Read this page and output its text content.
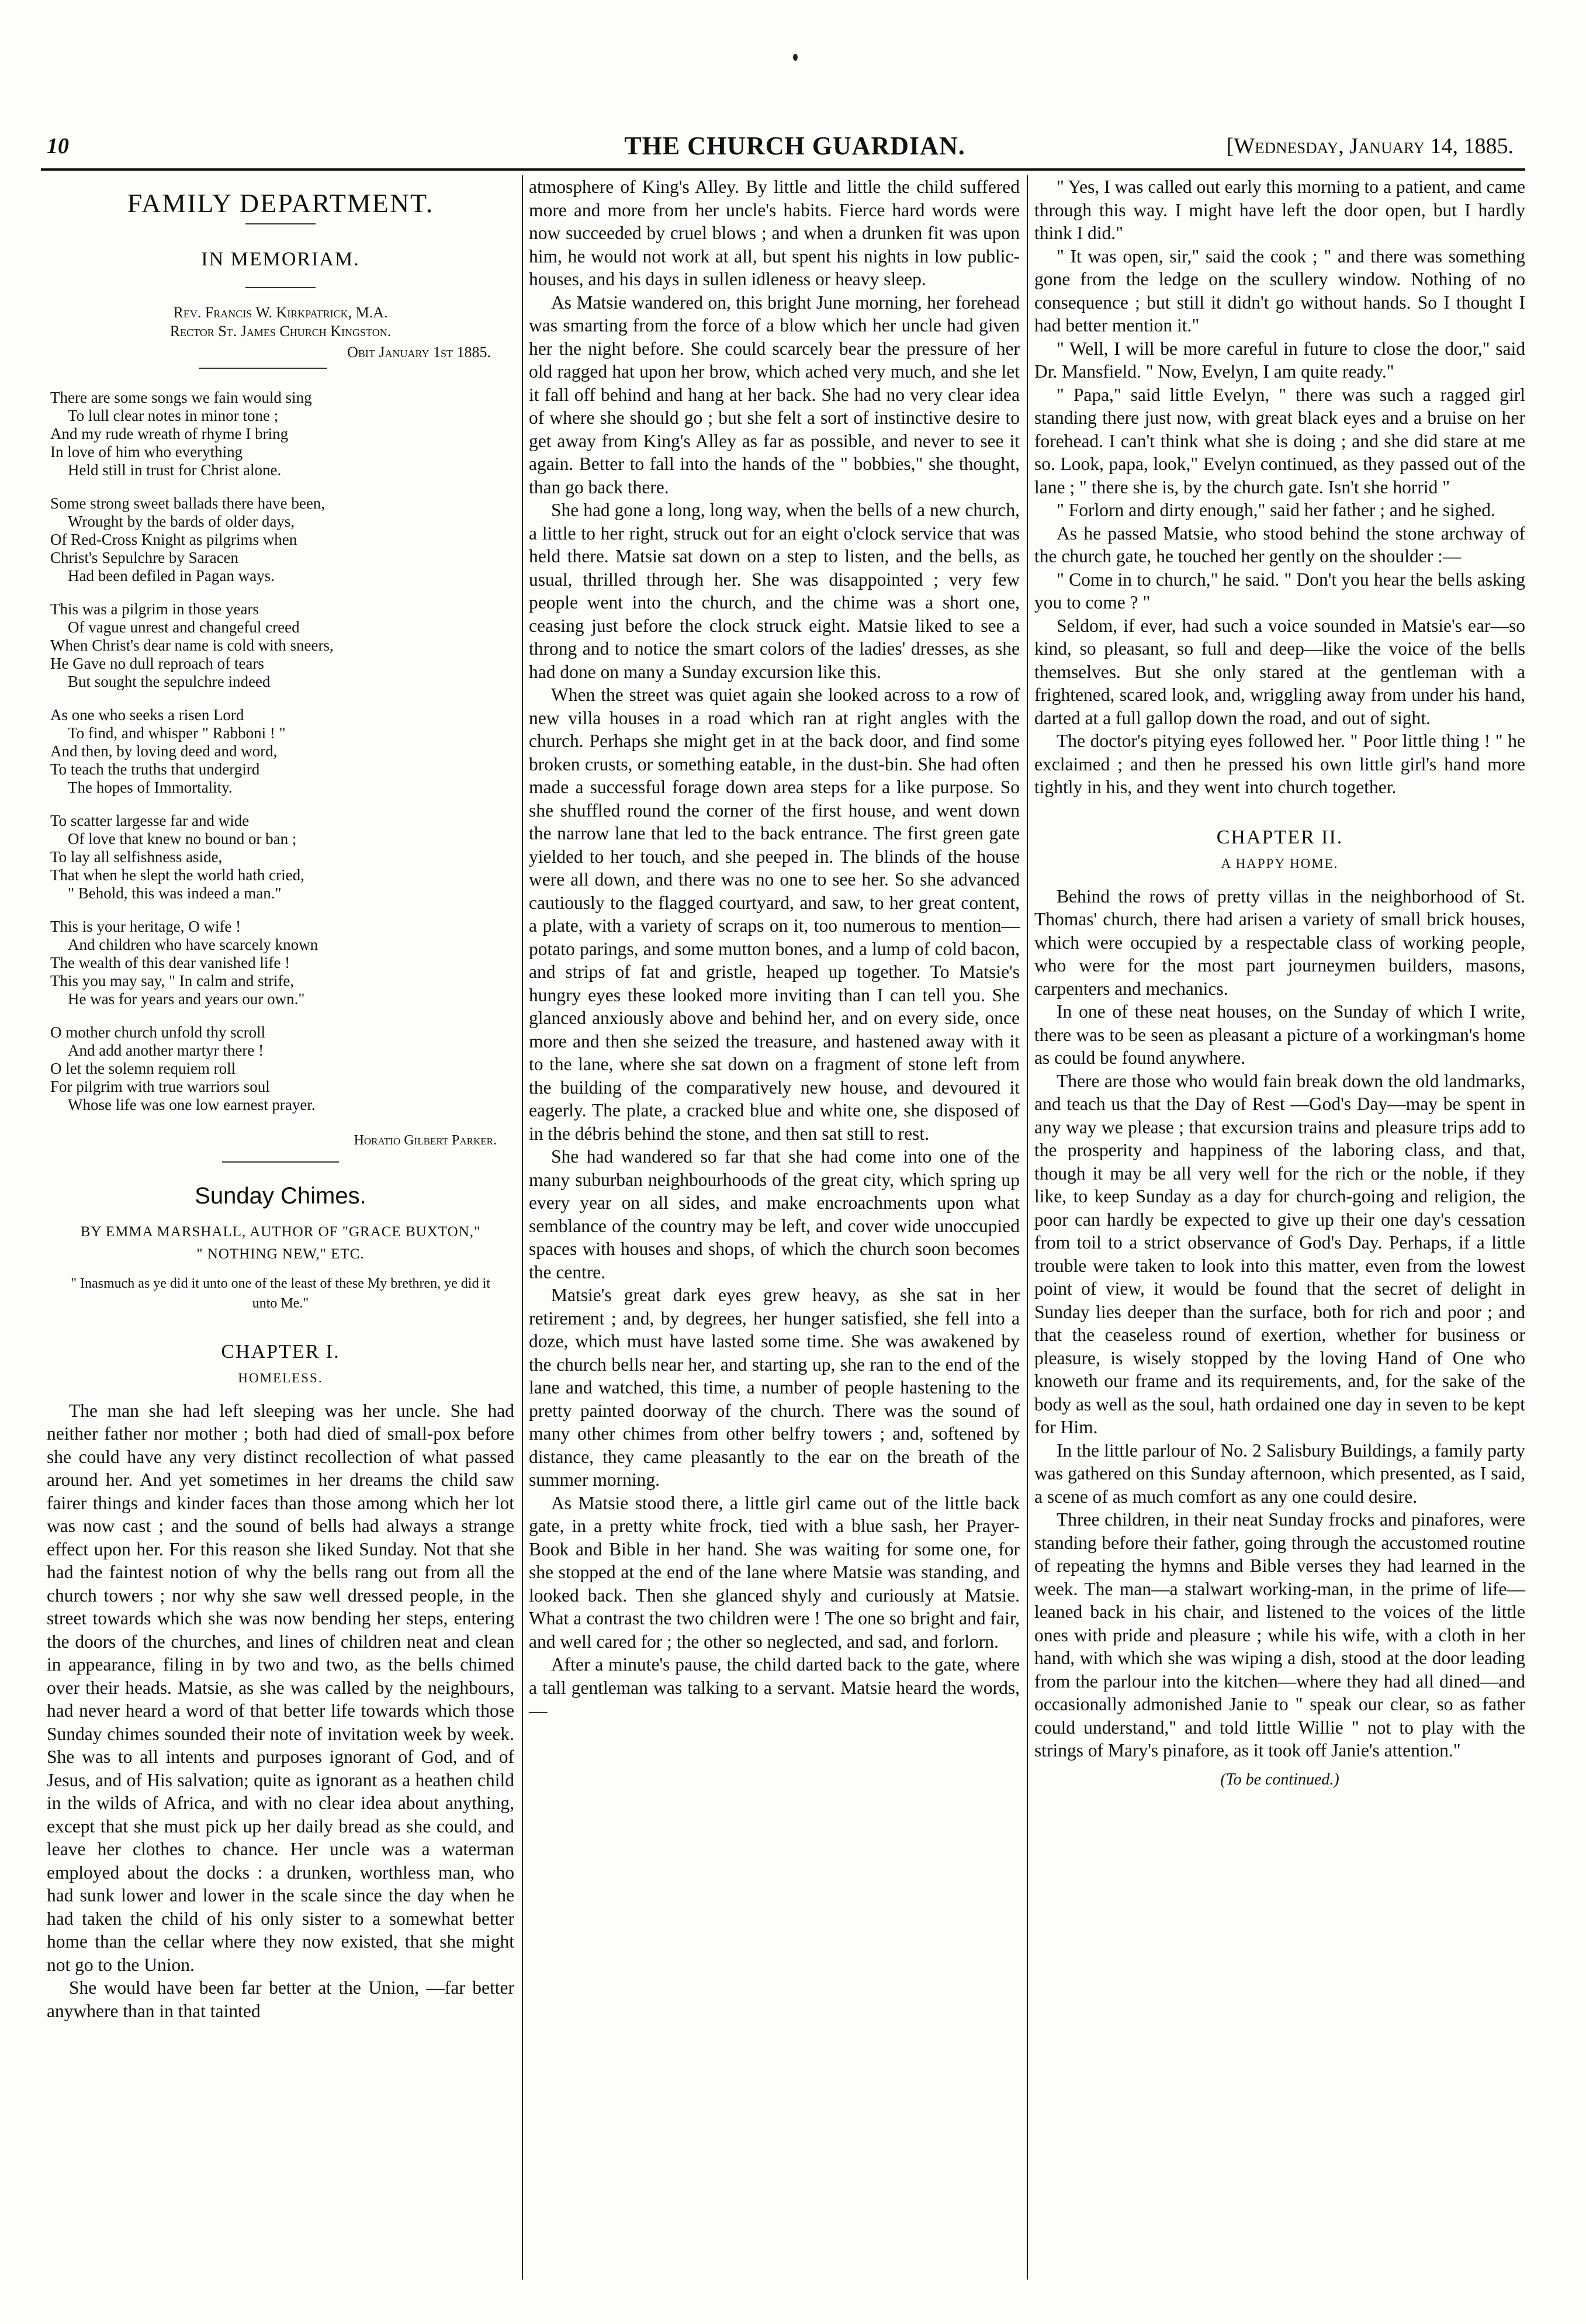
10	THE CHURCH GUARDIAN.	[Wednesday, January 14, 1885.
FAMILY DEPARTMENT.
IN MEMORIAM.
Rev. Francis W. Kirkpatrick, M.A.
Rector St. James Church Kingston.
Obit January 1st 1885.
There are some songs we fain would sing
To lull clear notes in minor tone ;
And my rude wreath of rhyme I bring
In love of him who everything
Held still in trust for Christ alone.
Some strong sweet ballads there have been,
Wrought by the bards of older days,
Of Red-Cross Knight as pilgrims when
Christ's Sepulchre by Saracen
Had been defiled in Pagan ways.
This was a pilgrim in those years
Of vague unrest and changeful creed
When Christ's dear name is cold with sneers,
He Gave no dull reproach of tears
But sought the sepulchre indeed
As one who seeks a risen Lord
To find, and whisper " Rabboni ! "
And then, by loving deed and word,
To teach the truths that undergird
The hopes of Immortality.
To scatter largesse far and wide
Of love that knew no bound or ban ;
To lay all selfishness aside,
That when he slept the world hath cried,
" Behold, this was indeed a man."
This is your heritage, O wife !
And children who have scarcely known
The wealth of this dear vanished life !
This you may say, " In calm and strife,
He was for years and years our own."
O mother church unfold thy scroll
And add another martyr there !
O let the solemn requiem roll
For pilgrim with true warriors soul
Whose life was one low earnest prayer.
Horatio Gilbert Parker.
Sunday Chimes.
BY EMMA MARSHALL, AUTHOR OF "GRACE BUXTON,"
" NOTHING NEW," ETC.
" Inasmuch as ye did it unto one of the least of these My brethren, ye did it unto Me."
CHAPTER I.
HOMELESS.

The man she had left sleeping was her uncle. She had neither father nor mother ; both had died of small-pox before she could have any very distinct recollection of what passed around her. And yet sometimes in her dreams the child saw fairer things and kinder faces than those among which her lot was now cast ; and the sound of bells had always a strange effect upon her. For this reason she liked Sunday. Not that she had the faintest notion of why the bells rang out from all the church towers ; nor why she saw well dressed people, in the street towards which she was now bending her steps, entering the doors of the churches, and lines of children neat and clean in appearance, filing in by two and two, as the bells chimed over their heads. Matsie, as she was called by the neighbours, had never heard a word of that better life towards which those Sunday chimes sounded their note of invitation week by week. She was to all intents and purposes ignorant of God, and of Jesus, and of His salvation; quite as ignorant as a heathen child in the wilds of Africa, and with no clear idea about anything, except that she must pick up her daily bread as she could, and leave her clothes to chance. Her uncle was a waterman employed about the docks : a drunken, worthless man, who had sunk lower and lower in the scale since the day when he had taken the child of his only sister to a somewhat better home than the cellar where they now existed, that she might not go to the Union.

She would have been far better at the Union, —far better anywhere than in that tainted

atmosphere of King's Alley. By little and little the child suffered more and more from her uncle's habits. Fierce hard words were now succeeded by cruel blows ; and when a drunken fit was upon him, he would not work at all, but spent his nights in low public-houses, and his days in sullen idleness or heavy sleep.

As Matsie wandered on, this bright June morning, her forehead was smarting from the force of a blow which her uncle had given her the night before. She could scarcely bear the pressure of her old ragged hat upon her brow, which ached very much, and she let it fall off behind and hang at her back. She had no very clear idea of where she should go ; but she felt a sort of instinctive desire to get away from King's Alley as far as possible, and never to see it again. Better to fall into the hands of the " bobbies," she thought, than go back there.

She had gone a long, long way, when the bells of a new church, a little to her right, struck out for an eight o'clock service that was held there. Matsie sat down on a step to listen, and the bells, as usual, thrilled through her. She was disappointed ; very few people went into the church, and the chime was a short one, ceasing just before the clock struck eight. Matsie liked to see a throng and to notice the smart colors of the ladies' dresses, as she had done on many a Sunday excursion like this.

When the street was quiet again she looked across to a row of new villa houses in a road which ran at right angles with the church. Perhaps she might get in at the back door, and find some broken crusts, or something eatable, in the dust-bin. She had often made a successful forage down area steps for a like purpose. So she shuffled round the corner of the first house, and went down the narrow lane that led to the back entrance. The first green gate yielded to her touch, and she peeped in. The blinds of the house were all down, and there was no one to see her. So she advanced cautiously to the flagged courtyard, and saw, to her great content, a plate, with a variety of scraps on it, too numerous to mention—potato parings, and some mutton bones, and a lump of cold bacon, and strips of fat and gristle, heaped up together. To Matsie's hungry eyes these looked more inviting than I can tell you. She glanced anxiously above and behind her, and on every side, once more and then she seized the treasure, and hastened away with it to the lane, where she sat down on a fragment of stone left from the building of the comparatively new house, and devoured it eagerly. The plate, a cracked blue and white one, she disposed of in the débris behind the stone, and then sat still to rest.

She had wandered so far that she had come into one of the many suburban neighbourhoods of the great city, which spring up every year on all sides, and make encroachments upon what semblance of the country may be left, and cover wide unoccupied spaces with houses and shops, of which the church soon becomes the centre.

Matsie's great dark eyes grew heavy, as she sat in her retirement ; and, by degrees, her hunger satisfied, she fell into a doze, which must have lasted some time. She was awakened by the church bells near her, and starting up, she ran to the end of the lane and watched, this time, a number of people hastening to the pretty painted doorway of the church. There was the sound of many other chimes from other belfry towers ; and, softened by distance, they came pleasantly to the ear on the breath of the summer morning.

As Matsie stood there, a little girl came out of the little back gate, in a pretty white frock, tied with a blue sash, her Prayer-Book and Bible in her hand. She was waiting for some one, for she stopped at the end of the lane where Matsie was standing, and looked back. Then she glanced shyly and curiously at Matsie. What a contrast the two children were ! The one so bright and fair, and well cared for ; the other so neglected, and sad, and forlorn.

After a minute's pause, the child darted back to the gate, where a tall gentleman was talking to a servant. Matsie heard the words,—

" Yes, I was called out early this morning to a patient, and came through this way. I might have left the door open, but I hardly think I did."

" It was open, sir," said the cook ; " and there was something gone from the ledge on the scullery window. Nothing of no consequence ; but still it didn't go without hands. So I thought I had better mention it."

" Well, I will be more careful in future to close the door," said Dr. Mansfield. " Now, Evelyn, I am quite ready."

" Papa," said little Evelyn, " there was such a ragged girl standing there just now, with great black eyes and a bruise on her forehead. I can't think what she is doing ; and she did stare at me so. Look, papa, look," Evelyn continued, as they passed out of the lane ; " there she is, by the church gate. Isn't she horrid "

" Forlorn and dirty enough," said her father ; and he sighed.

As he passed Matsie, who stood behind the stone archway of the church gate, he touched her gently on the shoulder :—

" Come in to church," he said. " Don't you hear the bells asking you to come ? "

Seldom, if ever, had such a voice sounded in Matsie's ear—so kind, so pleasant, so full and deep—like the voice of the bells themselves. But she only stared at the gentleman with a frightened, scared look, and, wriggling away from under his hand, darted at a full gallop down the road, and out of sight.

The doctor's pitying eyes followed her. " Poor little thing ! " he exclaimed ; and then he pressed his own little girl's hand more tightly in his, and they went into church together.

CHAPTER II.
A HAPPY HOME.

Behind the rows of pretty villas in the neighborhood of St. Thomas' church, there had arisen a variety of small brick houses, which were occupied by a respectable class of working people, who were for the most part journeymen builders, masons, carpenters and mechanics.

In one of these neat houses, on the Sunday of which I write, there was to be seen as pleasant a picture of a workingman's home as could be found anywhere.

There are those who would fain break down the old landmarks, and teach us that the Day of Rest —God's Day—may be spent in any way we please ; that excursion trains and pleasure trips add to the prosperity and happiness of the laboring class, and that, though it may be all very well for the rich or the noble, if they like, to keep Sunday as a day for church-going and religion, the poor can hardly be expected to give up their one day's cessation from toil to a strict observance of God's Day. Perhaps, if a little trouble were taken to look into this matter, even from the lowest point of view, it would be found that the secret of delight in Sunday lies deeper than the surface, both for rich and poor ; and that the ceaseless round of exertion, whether for business or pleasure, is wisely stopped by the loving Hand of One who knoweth our frame and its requirements, and, for the sake of the body as well as the soul, hath ordained one day in seven to be kept for Him.

In the little parlour of No. 2 Salisbury Buildings, a family party was gathered on this Sunday afternoon, which presented, as I said, a scene of as much comfort as any one could desire.

Three children, in their neat Sunday frocks and pinafores, were standing before their father, going through the accustomed routine of repeating the hymns and Bible verses they had learned in the week. The man—a stalwart working-man, in the prime of life—leaned back in his chair, and listened to the voices of the little ones with pride and pleasure ; while his wife, with a cloth in her hand, with which she was wiping a dish, stood at the door leading from the parlour into the kitchen—where they had all dined—and occasionally admonished Janie to " speak our clear, so as father could understand," and told little Willie " not to play with the strings of Mary's pinafore, as it took off Janie's attention."

(To be continued.)
